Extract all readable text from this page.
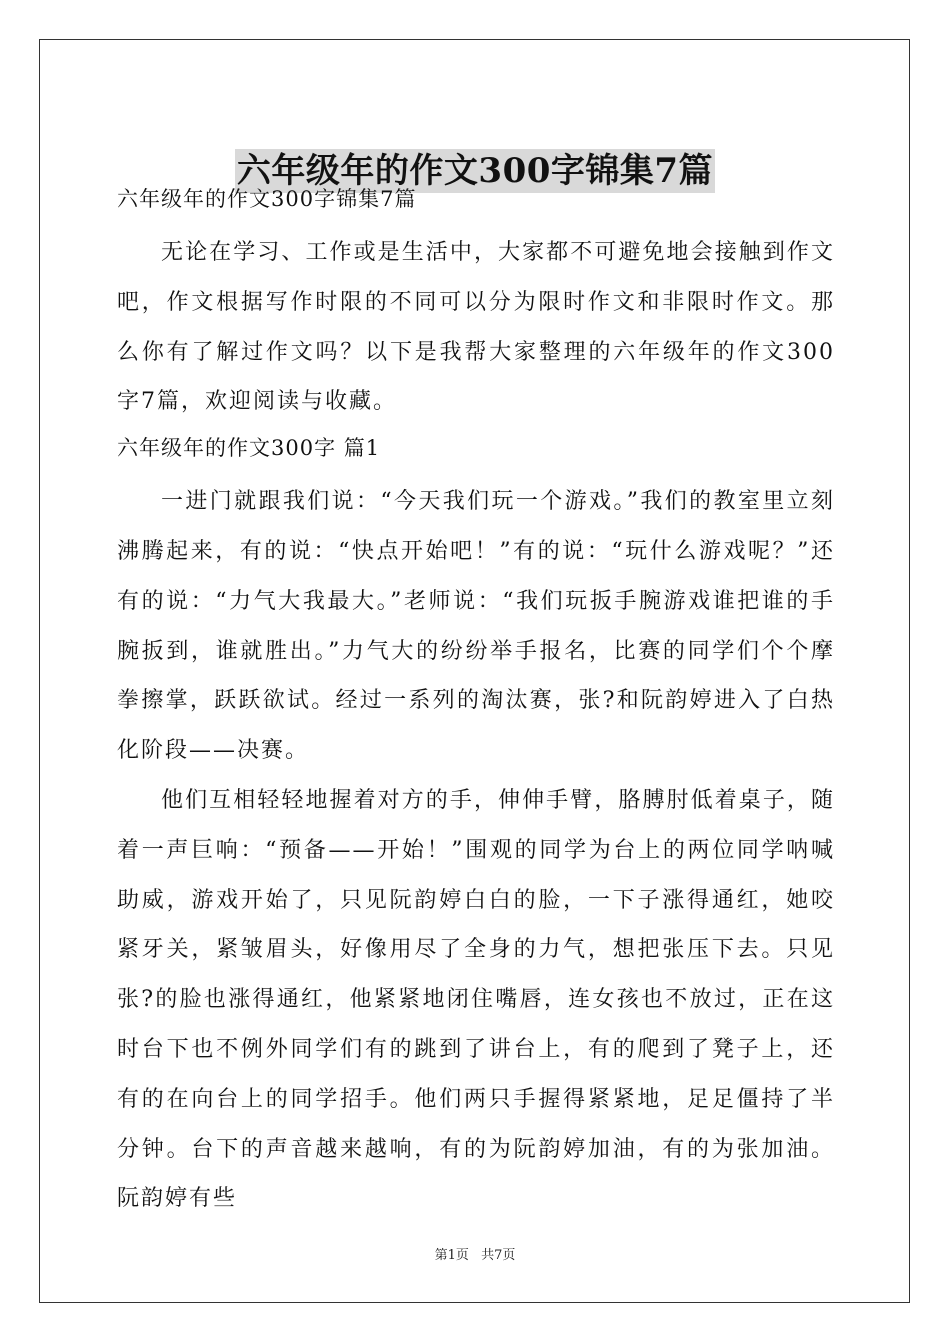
六年级年的作文300字锦集7篇

六年级年的作文300字锦集7篇

无论在学习、工作或是生活中，大家都不可避免地会接触到作文吧，作文根据写作时限的不同可以分为限时作文和非限时作文。那么你有了解过作文吗？以下是我帮大家整理的六年级年的作文300字7篇，欢迎阅读与收藏。

六年级年的作文300字 篇1

一进门就跟我们说：“今天我们玩一个游戏。”我们的教室里立刻沸腾起来，有的说：“快点开始吧！”有的说：“玩什么游戏呢？”还有的说：“力气大我最大。”老师说：“我们玩扳手腕游戏谁把谁的手腕扳到，谁就胜出。”力气大的纷纷举手报名，比赛的同学们个个摩拳擦掌，跃跃欲试。经过一系列的淘汰赛，张?和阮韵婷进入了白热化阶段——决赛。

他们互相轻轻地握着对方的手，伸伸手臂，胳膊肘低着桌子，随着一声巨响：“预备——开始！”围观的同学为台上的两位同学呐喊助威，游戏开始了，只见阮韵婷白白的脸，一下子涨得通红，她咬紧牙关，紧皱眉头，好像用尽了全身的力气，想把张压下去。只见张?的脸也涨得通红，他紧紧地闭住嘴唇，连女孩也不放过，正在这时台下也不例外同学们有的跳到了讲台上，有的爬到了凳子上，还有的在向台上的同学招手。他们两只手握得紧紧地，足足僵持了半分钟。台下的声音越来越响，有的为阮韵婷加油，有的为张加油。阮韵婷有些

第1页 共7页
